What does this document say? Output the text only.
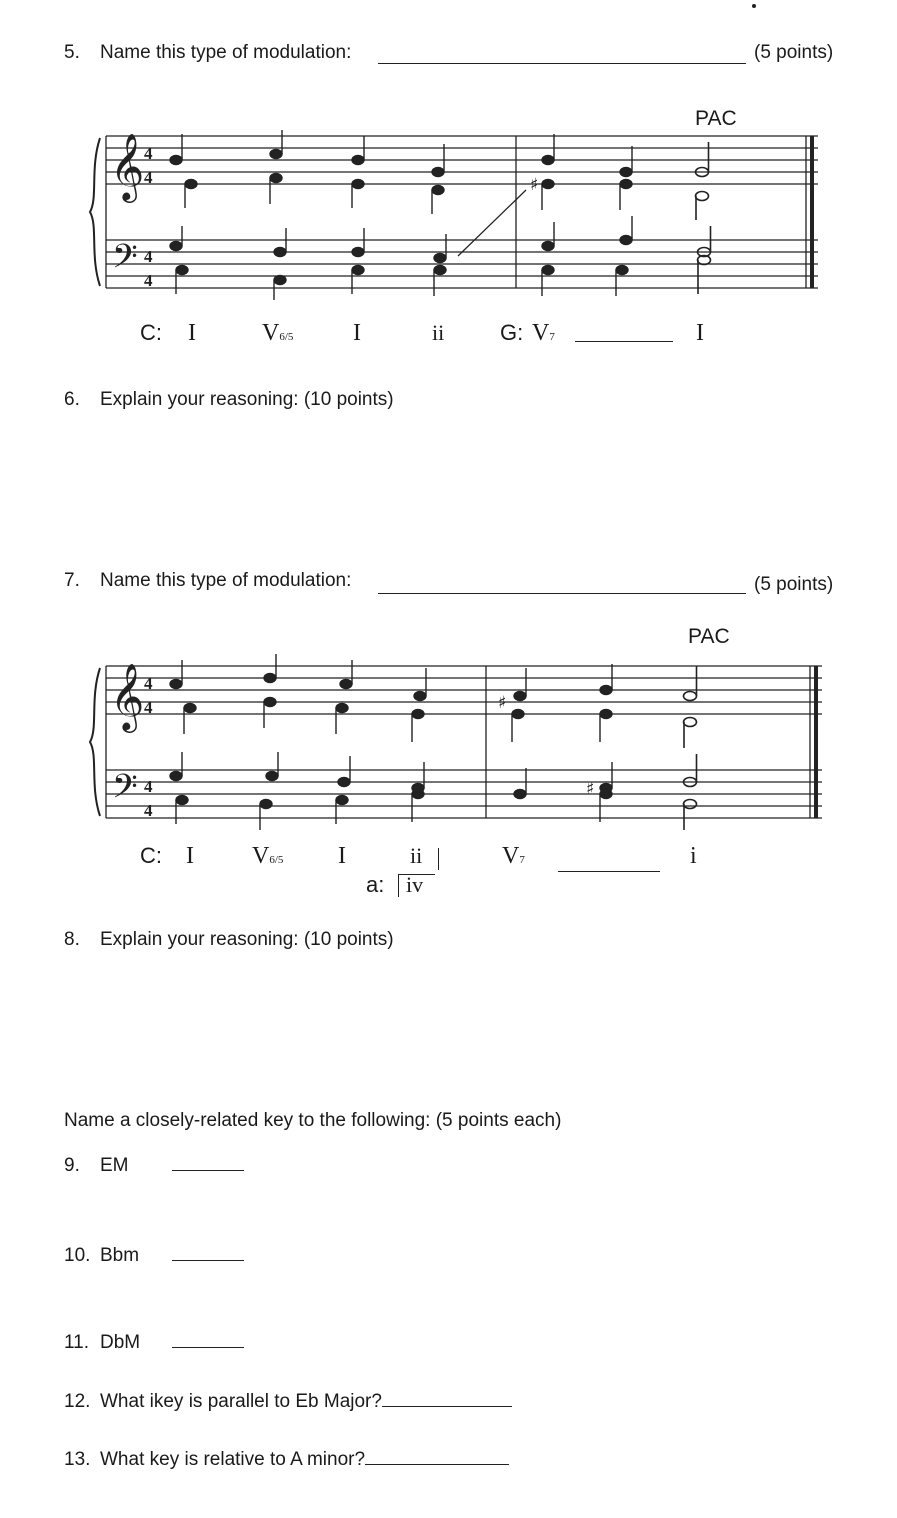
5. Name this type of modulation:	(5 points)
PAC
𝄞
𝄢
4
4
4
4
♯
C: I	V6/5 I	ii	G: V7	I
6. Explain your reasoning: (10 points)
7. Name this type of modulation:	(5 points)
PAC
𝄞
𝄢
4
4
4
4
♯
♯
C: I V6/5 I	ii
a: iv
V7	i
8. Explain your reasoning: (10 points)
Name a closely-related key to the following: (5 points each)
9. EM
10. Bbm
11. DbM
12. What ikey is parallel to Eb Major?
13. What key is relative to A minor?
